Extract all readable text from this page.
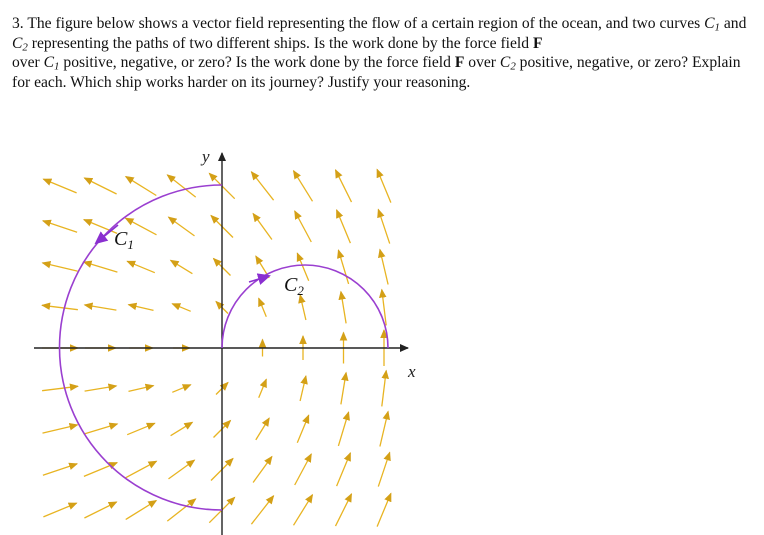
3. The figure below shows a vector field representing the flow of a certain region of the ocean, and two curves $C_1$ and $C_2$ representing the paths of two different ships. Is the work done by the force field F
over $C_1$ positive, negative, or zero? Is the work done by the force field F over $C_2$ positive, negative, or zero? Explain for each. Which ship works harder on its journey? Justify your reasoning.
x
y
$C_1$
$C_2$
